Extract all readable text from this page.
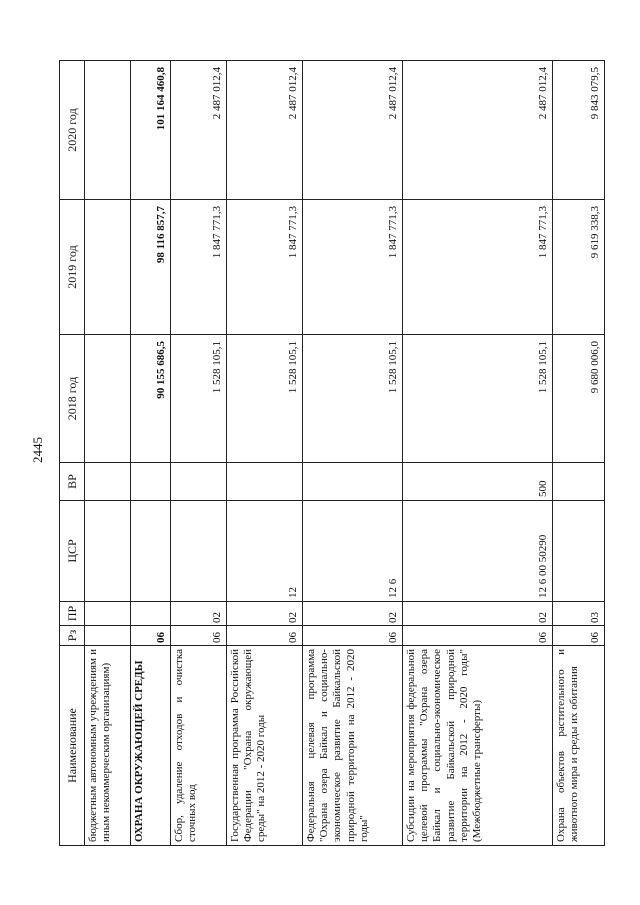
2445
Наименование	Рз	ПР	ЦСР	ВР	2018 год	2019 год	2020 год
бюджетным автономным учреждениям и иным некоммерческим организациям)							
ОХРАНА ОКРУЖАЮЩЕЙ СРЕДЫ	06				90 155 686,5	98 116 857,7	101 164 460,8
Сбор, удаление отходов и очистка сточных вод	06	02			1 528 105,1	1 847 771,3	2 487 012,4
Государственная программа Российской Федерации "Охрана окружающей среды" на 2012 - 2020 годы	06	02	12		1 528 105,1	1 847 771,3	2 487 012,4
Федеральная целевая программа "Охрана озера Байкал и социально-экономическое развитие Байкальской природной территории на 2012 - 2020 годы"	06	02	12 6		1 528 105,1	1 847 771,3	2 487 012,4
Субсидии на мероприятия федеральной целевой программы "Охрана озера Байкал и социально-экономическое развитие Байкальской природной территории на 2012 - 2020 годы" (Межбюджетные трансферты)	06	02	12 6 00 50290	500	1 528 105,1	1 847 771,3	2 487 012,4
Охрана объектов растительного и животного мира и среды их обитания	06	03			9 680 006,0	9 619 338,3	9 843 079,5
